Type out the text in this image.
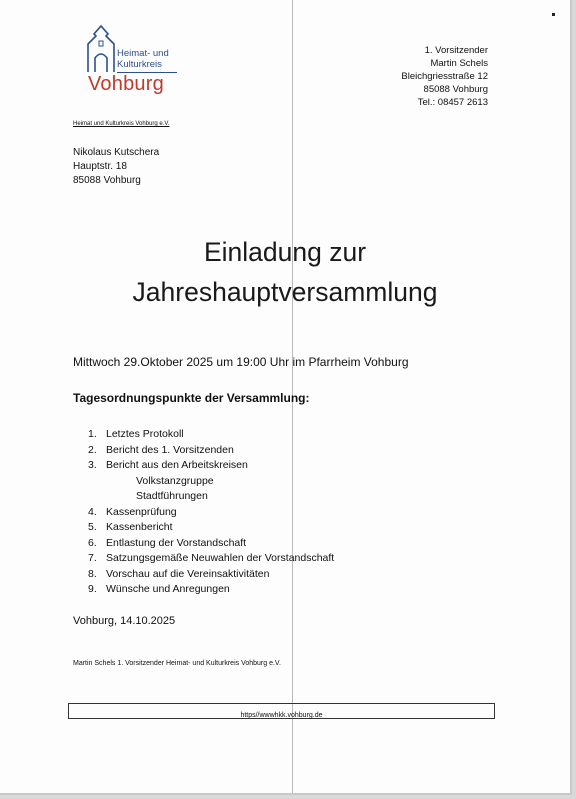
Heimat- und
Kulturkreis
Vohburg
1. Vorsitzender
Martin Schels
Bleichgriesstraße 12
85088 Vohburg
Tel.: 08457 2613
Heimat und Kulturkreis Vohburg e.V.
Nikolaus Kutschera
Hauptstr. 18
85088 Vohburg
Einladung zur
Jahreshauptversammlung
Mittwoch 29.Oktober 2025 um 19:00 Uhr im Pfarrheim Vohburg
Tagesordnungspunkte der Versammlung:
1. Letztes Protokoll
2. Bericht des 1. Vorsitzenden
3. Bericht aus den Arbeitskreisen
Volkstanzgruppe
Stadtführungen
4. Kassenprüfung
5. Kassenbericht
6. Entlastung der Vorstandschaft
7. Satzungsgemäße Neuwahlen der Vorstandschaft
8. Vorschau auf die Vereinsaktivitäten
9. Wünsche und Anregungen
Vohburg, 14.10.2025
Martin Schels 1. Vorsitzender Heimat- und Kulturkreis Vohburg e.V.
https//wwwhkk.vohburg.de
